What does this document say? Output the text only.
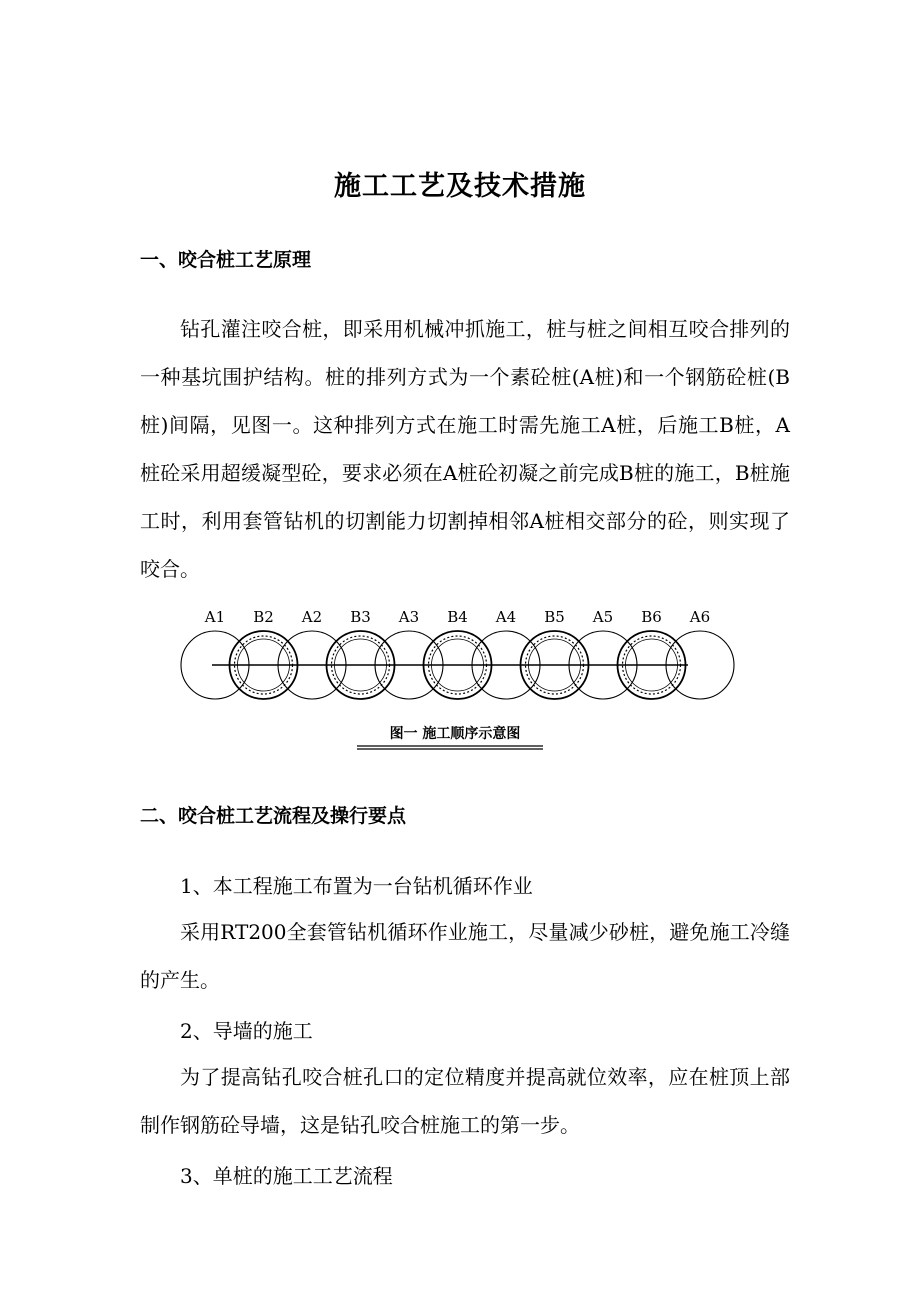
施工工艺及技术措施
一、咬合桩工艺原理
钻孔灌注咬合桩，即采用机械冲抓施工，桩与桩之间相互咬合排列的一种基坑围护结构。桩的排列方式为一个素砼桩(A桩)和一个钢筋砼桩(B桩)间隔，见图一。这种排列方式在施工时需先施工A桩，后施工B桩，A桩砼采用超缓凝型砼，要求必须在A桩砼初凝之前完成B桩的施工，B桩施工时，利用套管钻机的切割能力切割掉相邻A桩相交部分的砼，则实现了咬合。
A1 B2 A2 B3 A3 B4 A4 B5 A5 B6 A6
图一 施工顺序示意图
二、咬合桩工艺流程及操行要点
1、本工程施工布置为一台钻机循环作业
采用RT200全套管钻机循环作业施工，尽量减少砂桩，避免施工冷缝的产生。
2、导墙的施工
为了提高钻孔咬合桩孔口的定位精度并提高就位效率，应在桩顶上部制作钢筋砼导墙，这是钻孔咬合桩施工的第一步。
3、单桩的施工工艺流程
